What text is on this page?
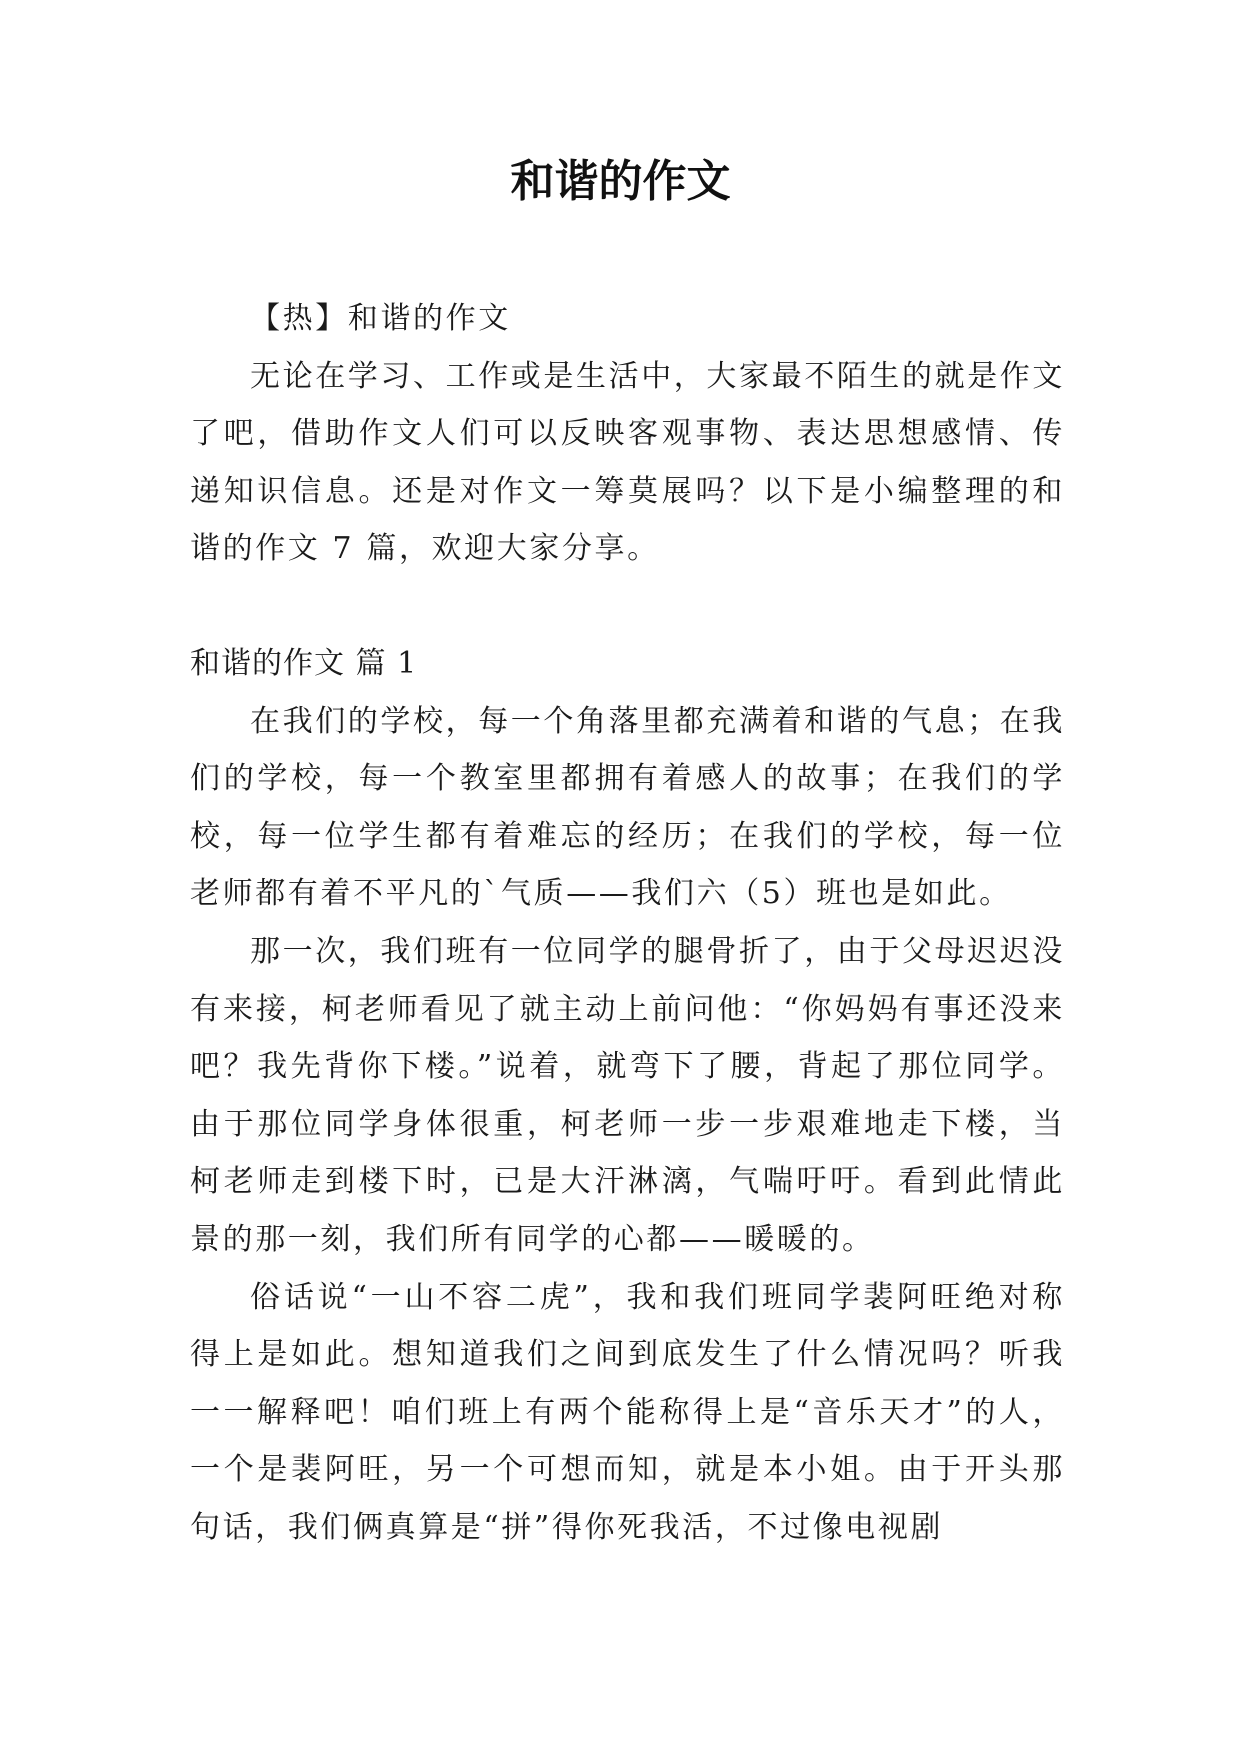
和谐的作文

【热】和谐的作文

无论在学习、工作或是生活中，大家最不陌生的就是作文了吧，借助作文人们可以反映客观事物、表达思想感情、传递知识信息。还是对作文一筹莫展吗？以下是小编整理的和谐的作文 7 篇，欢迎大家分享。

和谐的作文 篇 1

在我们的学校，每一个角落里都充满着和谐的气息；在我们的学校，每一个教室里都拥有着感人的故事；在我们的学校，每一位学生都有着难忘的经历；在我们的学校，每一位老师都有着不平凡的`气质——我们六（5）班也是如此。

那一次，我们班有一位同学的腿骨折了，由于父母迟迟没有来接，柯老师看见了就主动上前问他：“你妈妈有事还没来吧？我先背你下楼。”说着，就弯下了腰，背起了那位同学。由于那位同学身体很重，柯老师一步一步艰难地走下楼，当柯老师走到楼下时，已是大汗淋漓，气喘吁吁。看到此情此景的那一刻，我们所有同学的心都——暖暖的。

俗话说“一山不容二虎”，我和我们班同学裴阿旺绝对称得上是如此。想知道我们之间到底发生了什么情况吗？听我一一解释吧！咱们班上有两个能称得上是“音乐天才”的人，一个是裴阿旺，另一个可想而知，就是本小姐。由于开头那句话，我们俩真算是“拼”得你死我活，不过像电视剧
